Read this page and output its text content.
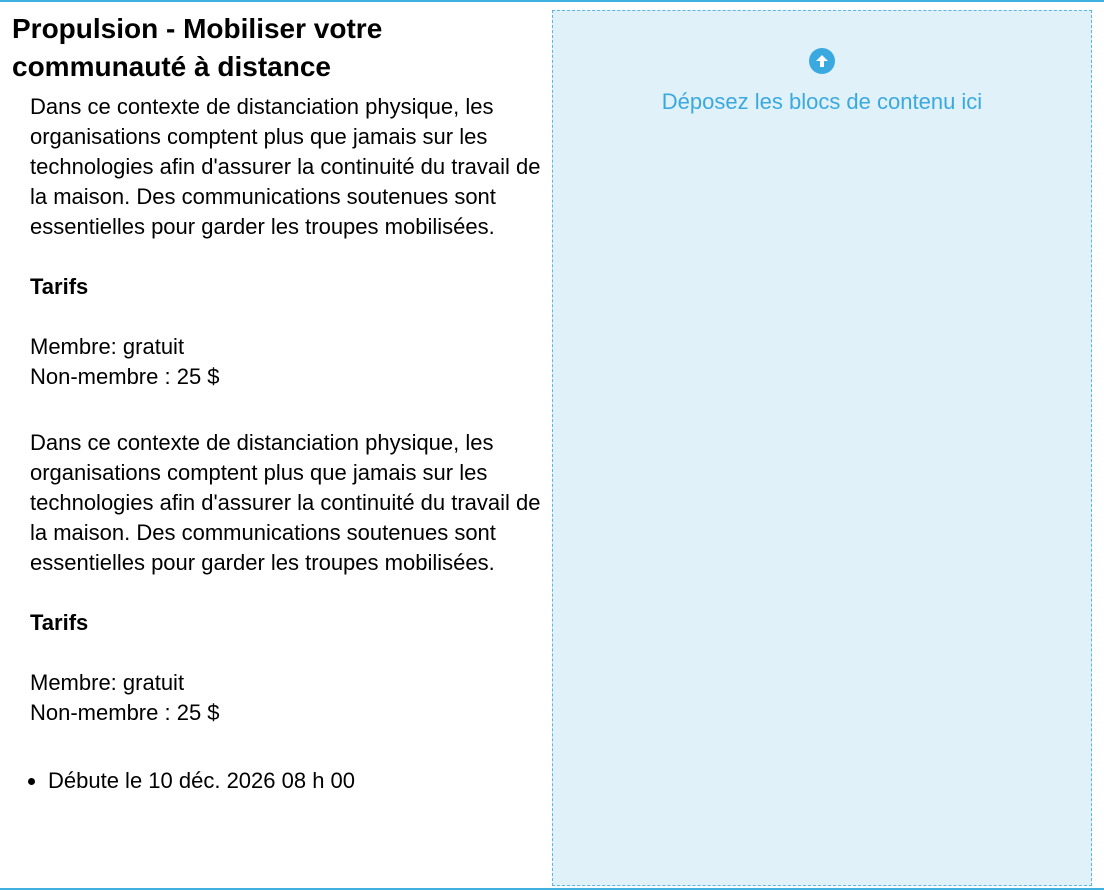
Propulsion - Mobiliser votre communauté à distance

Dans ce contexte de distanciation physique, les organisations comptent plus que jamais sur les technologies afin d'assurer la continuité du travail de la maison. Des communications soutenues sont essentielles pour garder les troupes mobilisées.

Tarifs

Membre: gratuit
Non-membre : 25 $

Dans ce contexte de distanciation physique, les organisations comptent plus que jamais sur les technologies afin d'assurer la continuité du travail de la maison. Des communications soutenues sont essentielles pour garder les troupes mobilisées.

Tarifs

Membre: gratuit
Non-membre : 25 $

• Débute le 10 déc. 2026 08 h 00
Déposez les blocs de contenu ici
